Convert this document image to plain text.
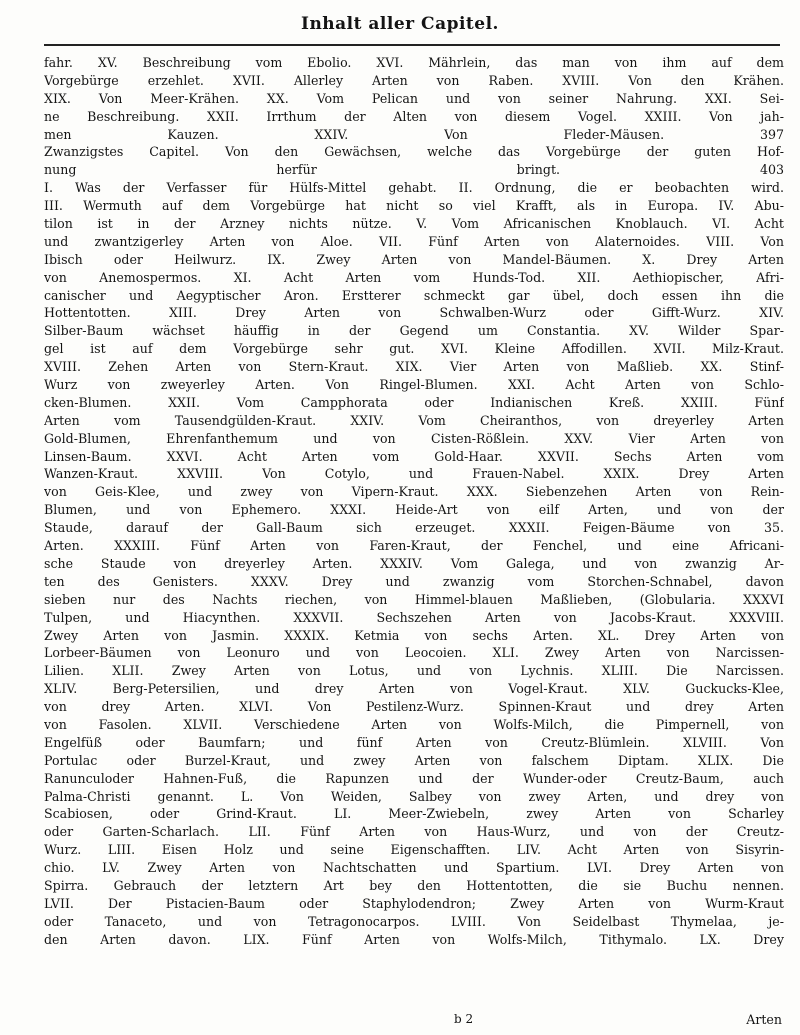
Inhalt aller Capitel.
fahr. XV. Beschreibung vom Ebolio. XVI. Mährlein, das man von ihm auf dem
Vorgebürge erzehlet. XVII. Allerley Arten von Raben. XVIII. Von den Krähen.
XIX. Von Meer-Krähen. XX. Vom Pelican und von seiner Nahrung. XXI. Sei-
ne Beschreibung. XXII. Irrthum der Alten von diesem Vogel. XXIII. Von jah-
men Kauzen. XXIV. Von Fleder-Mäusen. 397
Zwanzigstes Capitel. Von den Gewächsen, welche das Vorgebürge der guten Hof-
nung herfür bringt. 403
I. Was der Verfasser für Hülfs-Mittel gehabt. II. Ordnung, die er beobachten wird.
III. Wermuth auf dem Vorgebürge hat nicht so viel Krafft, als in Europa. IV. Abu-
tilon ist in der Arzney nichts nütze. V. Vom Africanischen Knoblauch. VI. Acht
und zwantzigerley Arten von Aloe. VII. Fünf Arten von Alaternoides. VIII. Von
Ibisch oder Heilwurz. IX. Zwey Arten von Mandel-Bäumen. X. Drey Arten
von Anemospermos. XI. Acht Arten vom Hunds-Tod. XII. Aethiopischer, Afri-
canischer und Aegyptischer Aron. Erstterer schmeckt gar übel, doch essen ihn die
Hottentotten. XIII. Drey Arten von Schwalben-Wurz oder Gifft-Wurz. XIV.
Silber-Baum wächset häuffig in der Gegend um Constantia. XV. Wilder Spar-
gel ist auf dem Vorgebürge sehr gut. XVI. Kleine Affodillen. XVII. Milz-Kraut.
XVIII. Zehen Arten von Stern-Kraut. XIX. Vier Arten von Maßlieb. XX. Stinf-
Wurz von zweyerley Arten. Von Ringel-Blumen. XXI. Acht Arten von Schlo-
cken-Blumen. XXII. Vom Campphorata oder Indianischen Kreß. XXIII. Fünf
Arten vom Tausendgülden-Kraut. XXIV. Vom Cheiranthos, von dreyerley Arten
Gold-Blumen, Ehrenfanthemum und von Cisten-Rößlein. XXV. Vier Arten von
Linsen-Baum. XXVI. Acht Arten vom Gold-Haar. XXVII. Sechs Arten vom
Wanzen-Kraut. XXVIII. Von Cotylo, und Frauen-Nabel. XXIX. Drey Arten
von Geis-Klee, und zwey von Vipern-Kraut. XXX. Siebenzehen Arten von Rein-
Blumen, und von Ephemero. XXXI. Heide-Art von eilf Arten, und von der
Staude, darauf der Gall-Baum sich erzeuget. XXXII. Feigen-Bäume von 35.
Arten. XXXIII. Fünf Arten von Faren-Kraut, der Fenchel, und eine Africani-
sche Staude von dreyerley Arten. XXXIV. Vom Galega, und von zwanzig Ar-
ten des Genisters. XXXV. Drey und zwanzig vom Storchen-Schnabel, davon
sieben nur des Nachts riechen, von Himmel-blauen Maßlieben, (Globularia. XXXVI
Tulpen, und Hiacynthen. XXXVII. Sechszehen Arten von Jacobs-Kraut. XXXVIII.
Zwey Arten von Jasmin. XXXIX. Ketmia von sechs Arten. XL. Drey Arten von
Lorbeer-Bäumen von Leonuro und von Leocoien. XLI. Zwey Arten von Narcissen-
Lilien. XLII. Zwey Arten von Lotus, und von Lychnis. XLIII. Die Narcissen.
XLIV. Berg-Petersilien, und drey Arten von Vogel-Kraut. XLV. Guckucks-Klee,
von drey Arten. XLVI. Von Pestilenz-Wurz. Spinnen-Kraut und drey Arten
von Fasolen. XLVII. Verschiedene Arten von Wolfs-Milch, die Pimpernell, von
Engelfüß oder Baumfarn; und fünf Arten von Creutz-Blümlein. XLVIII. Von
Portulac oder Burzel-Kraut, und zwey Arten von falschem Diptam. XLIX. Die
Ranunculoder Hahnen-Fuß, die Rapunzen und der Wunder-oder Creutz-Baum, auch
Palma-Christi genannt. L. Von Weiden, Salbey von zwey Arten, und drey von
Scabiosen, oder Grind-Kraut. LI. Meer-Zwiebeln, zwey Arten von Scharley
oder Garten-Scharlach. LII. Fünf Arten von Haus-Wurz, und von der Creutz-
Wurz. LIII. Eisen Holz und seine Eigenschafften. LIV. Acht Arten von Sisyrin-
chio. LV. Zwey Arten von Nachtschatten und Spartium. LVI. Drey Arten von
Spirra. Gebrauch der letztern Art bey den Hottentotten, die sie Buchu nennen.
LVII. Der Pistacien-Baum oder Staphylodendron; Zwey Arten von Wurm-Kraut
oder Tanaceto, und von Tetragonocarpos. LVIII. Von Seidelbast Thymelaa, je-
den Arten davon. LIX. Fünf Arten von Wolfs-Milch, Tithymalo. LX. Drey
b 2	Arten
